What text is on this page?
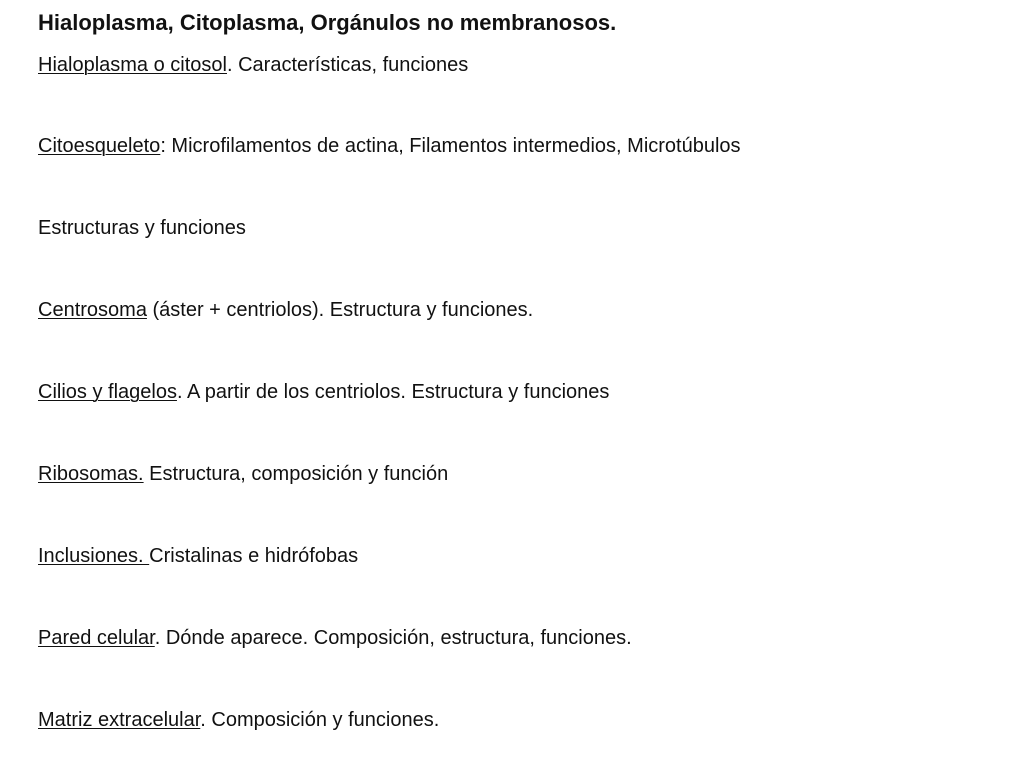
Hialoplasma, Citoplasma, Orgánulos no membranosos.
Hialoplasma o citosol. Características, funciones
Citoesqueleto: Microfilamentos de actina, Filamentos intermedios, Microtúbulos
Estructuras y funciones
Centrosoma (áster + centriolos). Estructura y funciones.
Cilios y flagelos. A partir de los centriolos. Estructura y funciones
Ribosomas. Estructura, composición y función
Inclusiones. Cristalinas e hidrófobas
Pared celular. Dónde aparece. Composición, estructura, funciones.
Matriz extracelular. Composición y funciones.
